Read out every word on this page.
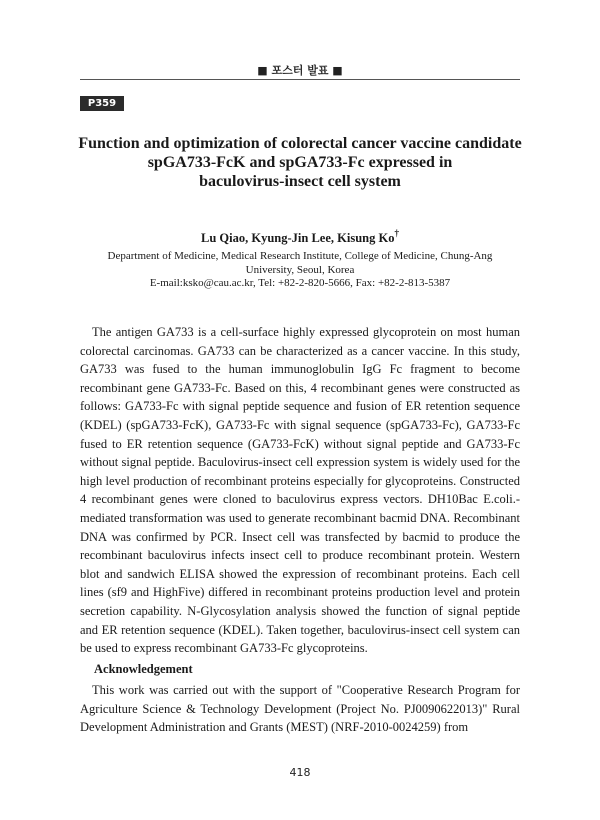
■ 포스터 발표 ■
P359
Function and optimization of colorectal cancer vaccine candidate
spGA733-FcK and spGA733-Fc expressed in
baculovirus-insect cell system
Lu Qiao, Kyung-Jin Lee, Kisung Ko†
Department of Medicine, Medical Research Institute, College of Medicine, Chung-Ang
University, Seoul, Korea
E-mail:ksko@cau.ac.kr, Tel: +82-2-820-5666, Fax: +82-2-813-5387

The antigen GA733 is a cell-surface highly expressed glycoprotein on most human colorectal carcinomas. GA733 can be characterized as a cancer vaccine. In this study, GA733 was fused to the human immunoglobulin IgG Fc fragment to become recombinant gene GA733-Fc. Based on this, 4 recombinant genes were constructed as follows: GA733-Fc with signal peptide sequence and fusion of ER retention sequence (KDEL) (spGA733-FcK), GA733-Fc with signal sequence (spGA733-Fc), GA733-Fc fused to ER retention sequence (GA733-FcK) without signal peptide and GA733-Fc without signal peptide. Baculovirus-insect cell expression system is widely used for the high level production of recombinant proteins especially for glycoproteins. Constructed 4 recombinant genes were cloned to baculovirus express vectors. DH10Bac E.coli.-mediated transformation was used to generate recombinant bacmid DNA. Recombinant DNA was confirmed by PCR. Insect cell was transfected by bacmid to produce the recombinant baculovirus infects insect cell to produce recombinant protein. Western blot and sandwich ELISA showed the expression of recombinant proteins. Each cell lines (sf9 and HighFive) differed in recombinant proteins production level and protein secretion capability. N-Glycosylation analysis showed the function of signal peptide and ER retention sequence (KDEL). Taken together, baculovirus-insect cell system can be used to express recombinant GA733-Fc glycoproteins.

Acknowledgement

This work was carried out with the support of "Cooperative Research Program for Agriculture Science & Technology Development (Project No. PJ0090622013)" Rural Development Administration and Grants (MEST) (NRF-2010-0024259) from

418
